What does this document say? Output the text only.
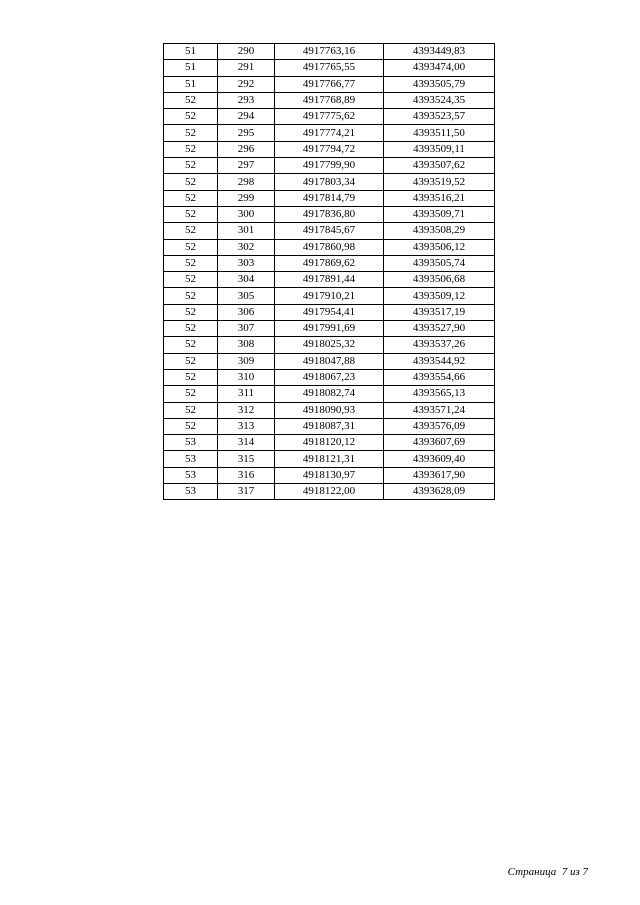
51	290	4917763,16	4393449,83
51	291	4917765,55	4393474,00
51	292	4917766,77	4393505,79
52	293	4917768,89	4393524,35
52	294	4917775,62	4393523,57
52	295	4917774,21	4393511,50
52	296	4917794,72	4393509,11
52	297	4917799,90	4393507,62
52	298	4917803,34	4393519,52
52	299	4917814,79	4393516,21
52	300	4917836,80	4393509,71
52	301	4917845,67	4393508,29
52	302	4917860,98	4393506,12
52	303	4917869,62	4393505,74
52	304	4917891,44	4393506,68
52	305	4917910,21	4393509,12
52	306	4917954,41	4393517,19
52	307	4917991,69	4393527,90
52	308	4918025,32	4393537,26
52	309	4918047,88	4393544,92
52	310	4918067,23	4393554,66
52	311	4918082,74	4393565,13
52	312	4918090,93	4393571,24
52	313	4918087,31	4393576,09
53	314	4918120,12	4393607,69
53	315	4918121,31	4393609,40
53	316	4918130,97	4393617,90
53	317	4918122,00	4393628,09
Страница  7 из 7
